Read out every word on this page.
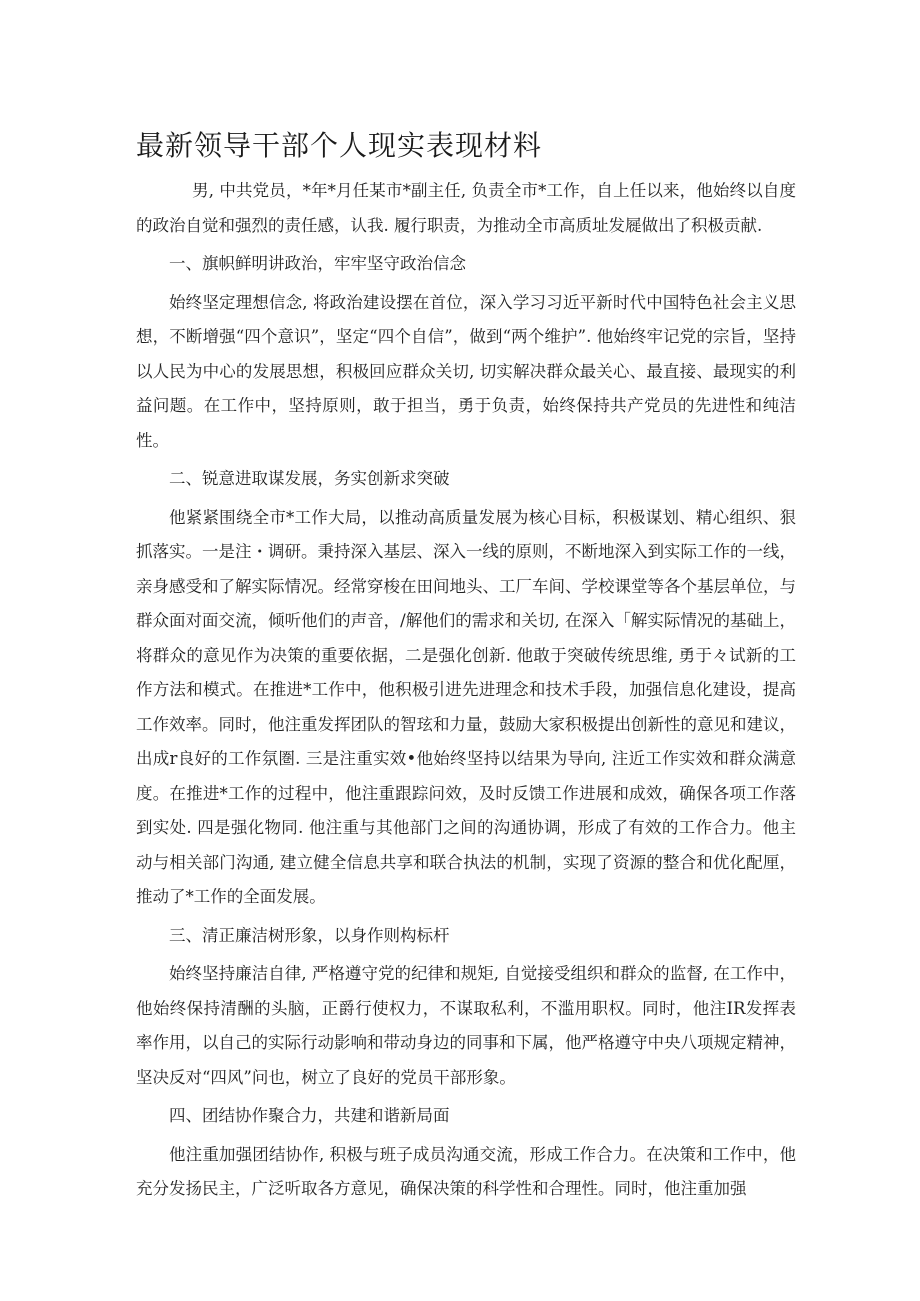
最新领导干部个人现实表现材料

男, 中共党员，*年*月任某市*副主任, 负责全市*工作，自上任以来，他始终以自度的政治自觉和强烈的责任感，认我. 履行职责，为推动全市高质址发屣做出了积极贡献.

一、旗帜鲜明讲政治，牢牢坚守政治信念

始终坚定理想信念, 将政治建设摆在首位，深入学习习近平新时代中国特色社会主义思想，不断增强“四个意识”，坚定“四个自信”，做到“两个维护”. 他始终牢记党的宗旨，坚持以人民为中心的发展思想，积极回应群众关切, 切实解决群众最关心、最直接、最现实的利益问题。在工作中，坚持原则，敢于担当，勇于负责，始终保持共产党员的先进性和纯洁性。

二、锐意进取谋发展，务实创新求突破

他紧紧围绕全市*工作大局，以推动高质量发展为核心目标，积极谋划、精心组织、狠抓落实。一是注・调研。秉持深入基层、深入一线的原则，不断地深入到实际工作的一线，亲身感受和了解实际情况。经常穿梭在田间地头、工厂车间、学校课堂等各个基层单位，与群众面对面交流，倾听他们的声音，/解他们的需求和关切, 在深入「解实际情况的基础上，将群众的意见作为决策的重要依据，二是强化创新. 他敢于突破传统思维, 勇于々试新的工作方法和模式。在推进*工作中，他积极引进先进理念和技术手段，加强信息化建设，提高工作效率。同时，他注重发挥团队的智玹和力量，鼓励大家积极提出创新性的意见和建议，出成r良好的工作氛圏. 三是注重实效•他始终坚持以结果为导向, 注近工作实效和群众满意度。在推进*工作的过程中，他注重跟踪问效，及时反馈工作进展和成效，确保各项工作落到实处. 四是强化物同. 他注重与其他部门之间的沟通协调，形成了有效的工作合力。他主动与相关部门沟通, 建立健全信息共享和联合执法的机制，实现了资源的整合和优化配厘，推动了*工作的全面发展。

三、清正廉洁树形象，以身作则构标杆

始终坚持廉洁自律, 严格遵守党的纪律和规矩, 自觉接受组织和群众的监督, 在工作中，他始终保持清酬的头脑，正爵行使权力，不谋取私利，不滥用职权。同时，他注IR发挥表率作用，以自己的实际行动影响和带动身边的同事和下属，他严格遵守中央八项规定精神，坚决反对“四风”问也，树立了良好的党员干部形象。

四、团结协作聚合力，共建和谐新局面

他注重加强团结协作, 积极与班子成员沟通交流，形成工作合力。在决策和工作中，他充分发扬民主，广泛听取各方意见，确保决策的科学性和合理性。同时，他注重加强
